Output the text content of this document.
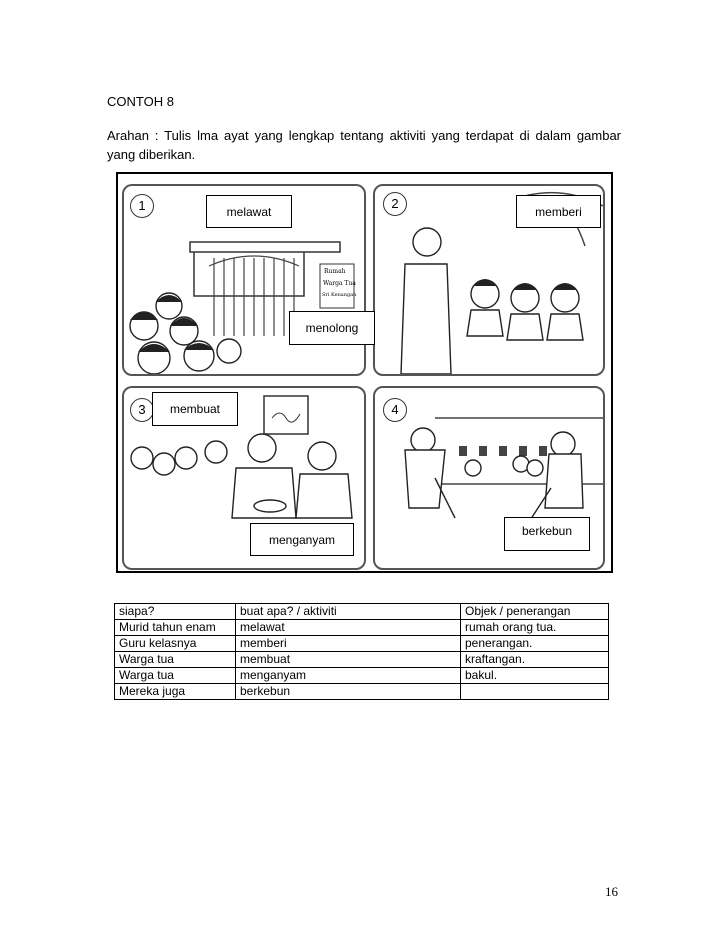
CONTOH 8
Arahan : Tulis lma ayat yang lengkap tentang aktiviti yang terdapat di dalam gambar yang diberikan.
1
Rumah
Warga Tua
Sri Kenangan
2
3	4
melawat	memberi
menolong
membuat
menganyam
berkebun
siapa?	buat apa? / aktiviti	Objek / penerangan
Murid tahun enam	melawat	rumah orang tua.
Guru kelasnya	memberi	penerangan.
Warga tua	membuat	kraftangan.
Warga tua	menganyam	bakul.
Mereka juga	berkebun	
16
